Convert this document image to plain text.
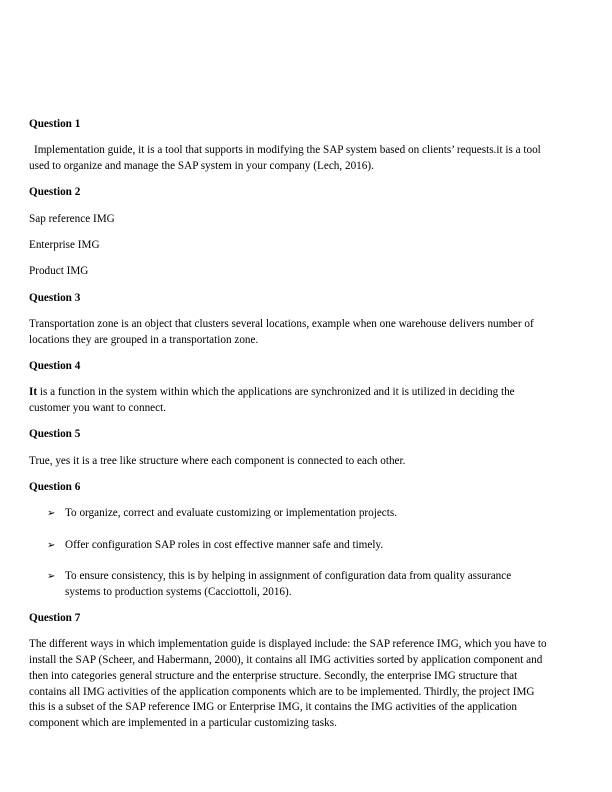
Question 1

Implementation guide, it is a tool that supports in modifying the SAP system based on clients’ requests.it is a tool used to organize and manage the SAP system in your company (Lech, 2016).

Question 2

Sap reference IMG

Enterprise IMG

Product IMG

Question 3

Transportation zone is an object that clusters several locations, example when one warehouse delivers number of locations they are grouped in a transportation zone.

Question 4

It is a function in the system within which the applications are synchronized and it is utilized in deciding the customer you want to connect.

Question 5

True, yes it is a tree like structure where each component is connected to each other.

Question 6
➢ To organize, correct and evaluate customizing or implementation projects.
➢ Offer configuration SAP roles in cost effective manner safe and timely.
➢ To ensure consistency, this is by helping in assignment of configuration data from quality assurance systems to production systems (Cacciottoli, 2016).
Question 7

The different ways in which implementation guide is displayed include: the SAP reference IMG, which you have to install the SAP (Scheer, and Habermann, 2000), it contains all IMG activities sorted by application component and then into categories general structure and the enterprise structure. Secondly, the enterprise IMG structure that contains all IMG activities of the application components which are to be implemented. Thirdly, the project IMG this is a subset of the SAP reference IMG or Enterprise IMG, it contains the IMG activities of the application component which are implemented in a particular customizing tasks.
